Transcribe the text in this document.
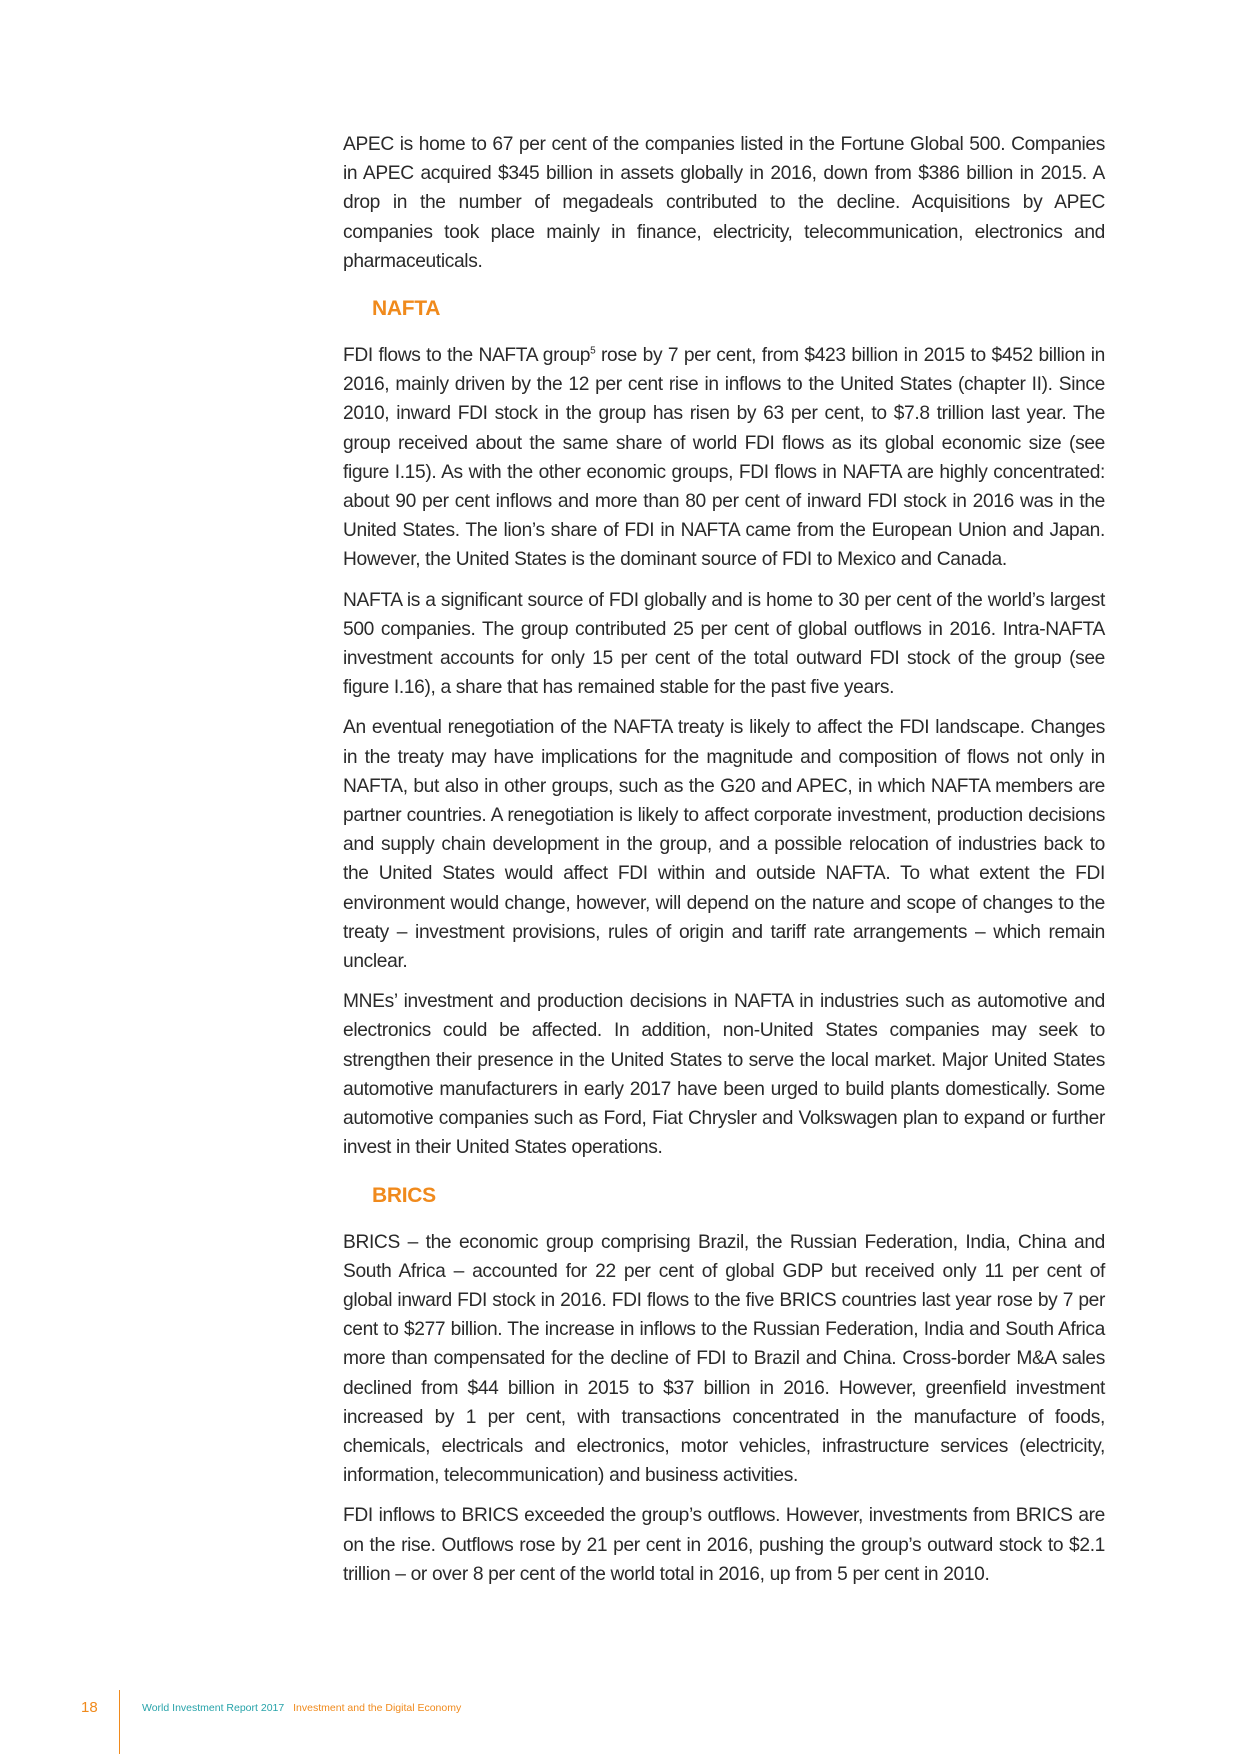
APEC is home to 67 per cent of the companies listed in the Fortune Global 500. Companies in APEC acquired $345 billion in assets globally in 2016, down from $386 billion in 2015. A drop in the number of megadeals contributed to the decline. Acquisitions by APEC companies took place mainly in finance, electricity, telecommunication, electronics and pharmaceuticals.

NAFTA

FDI flows to the NAFTA group$^5$ rose by 7 per cent, from $423 billion in 2015 to $452 billion in 2016, mainly driven by the 12 per cent rise in inflows to the United States (chapter II). Since 2010, inward FDI stock in the group has risen by 63 per cent, to $7.8 trillion last year. The group received about the same share of world FDI flows as its global economic size (see figure I.15). As with the other economic groups, FDI flows in NAFTA are highly concentrated: about 90 per cent inflows and more than 80 per cent of inward FDI stock in 2016 was in the United States. The lion’s share of FDI in NAFTA came from the European Union and Japan. However, the United States is the dominant source of FDI to Mexico and Canada.

NAFTA is a significant source of FDI globally and is home to 30 per cent of the world’s largest 500 companies. The group contributed 25 per cent of global outflows in 2016. Intra-NAFTA investment accounts for only 15 per cent of the total outward FDI stock of the group (see figure I.16), a share that has remained stable for the past five years.

An eventual renegotiation of the NAFTA treaty is likely to affect the FDI landscape. Changes in the treaty may have implications for the magnitude and composition of flows not only in NAFTA, but also in other groups, such as the G20 and APEC, in which NAFTA members are partner countries. A renegotiation is likely to affect corporate investment, production decisions and supply chain development in the group, and a possible relocation of industries back to the United States would affect FDI within and outside NAFTA. To what extent the FDI environment would change, however, will depend on the nature and scope of changes to the treaty – investment provisions, rules of origin and tariff rate arrangements – which remain unclear.

MNEs’ investment and production decisions in NAFTA in industries such as automotive and electronics could be affected. In addition, non-United States companies may seek to strengthen their presence in the United States to serve the local market. Major United States automotive manufacturers in early 2017 have been urged to build plants domestically. Some automotive companies such as Ford, Fiat Chrysler and Volkswagen plan to expand or further invest in their United States operations.

BRICS

BRICS – the economic group comprising Brazil, the Russian Federation, India, China and South Africa – accounted for 22 per cent of global GDP but received only 11 per cent of global inward FDI stock in 2016. FDI flows to the five BRICS countries last year rose by 7 per cent to $277 billion. The increase in inflows to the Russian Federation, India and South Africa more than compensated for the decline of FDI to Brazil and China. Cross-border M&A sales declined from $44 billion in 2015 to $37 billion in 2016. However, greenfield investment increased by 1 per cent, with transactions concentrated in the manufacture of foods, chemicals, electricals and electronics, motor vehicles, infrastructure services (electricity, information, telecommunication) and business activities.

FDI inflows to BRICS exceeded the group’s outflows. However, investments from BRICS are on the rise. Outflows rose by 21 per cent in 2016, pushing the group’s outward stock to $2.1 trillion – or over 8 per cent of the world total in 2016, up from 5 per cent in 2010.

18	World Investment Report 2017 Investment and the Digital Economy
